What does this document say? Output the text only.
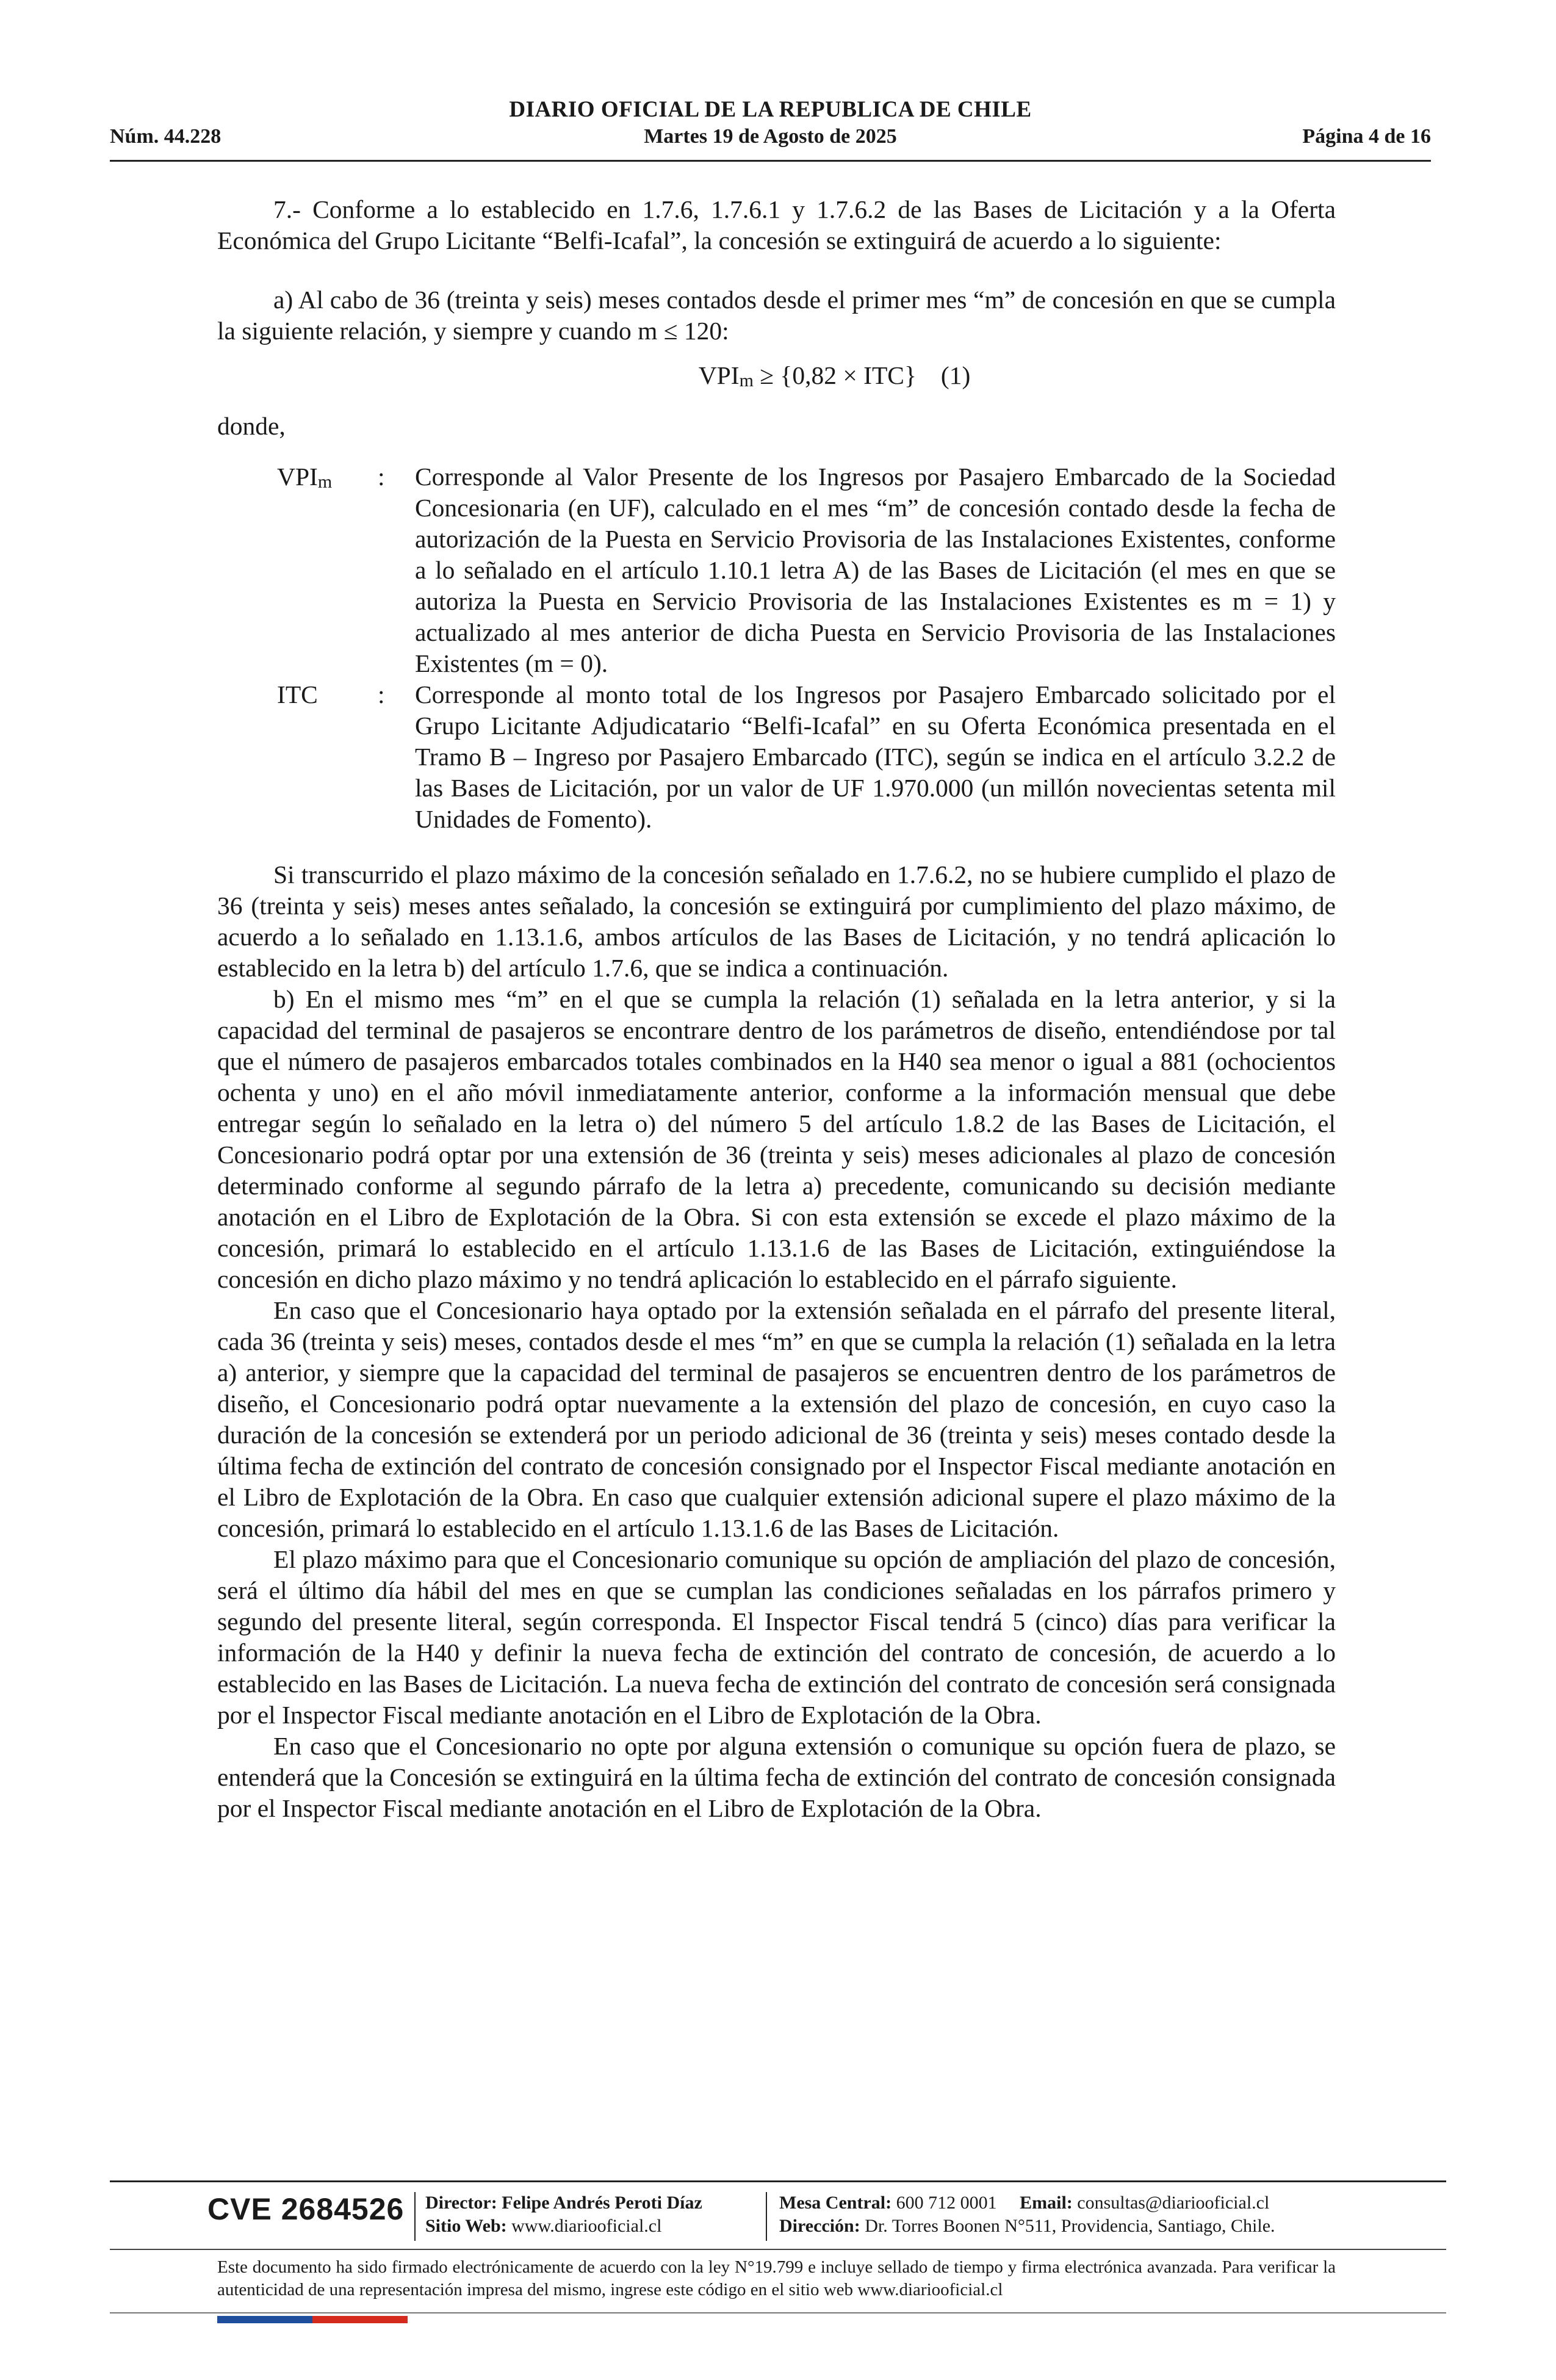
DIARIO OFICIAL DE LA REPUBLICA DE CHILE
Núm. 44.228	Martes 19 de Agosto de 2025	Página 4 de 16

7.- Conforme a lo establecido en 1.7.6, 1.7.6.1 y 1.7.6.2 de las Bases de Licitación y a la Oferta Económica del Grupo Licitante “Belfi-Icafal”, la concesión se extinguirá de acuerdo a lo siguiente:

a) Al cabo de 36 (treinta y seis) meses contados desde el primer mes “m” de concesión en que se cumpla la siguiente relación, y siempre y cuando m ≤ 120:

VPIm ≥ {0,82 × ITC} (1)

donde,

VPIm : Corresponde al Valor Presente de los Ingresos por Pasajero Embarcado de la Sociedad Concesionaria (en UF), calculado en el mes “m” de concesión contado desde la fecha de autorización de la Puesta en Servicio Provisoria de las Instalaciones Existentes, conforme a lo señalado en el artículo 1.10.1 letra A) de las Bases de Licitación (el mes en que se autoriza la Puesta en Servicio Provisoria de las Instalaciones Existentes es m = 1) y actualizado al mes anterior de dicha Puesta en Servicio Provisoria de las Instalaciones Existentes (m = 0).
ITC : Corresponde al monto total de los Ingresos por Pasajero Embarcado solicitado por el Grupo Licitante Adjudicatario “Belfi-Icafal” en su Oferta Económica presentada en el Tramo B – Ingreso por Pasajero Embarcado (ITC), según se indica en el artículo 3.2.2 de las Bases de Licitación, por un valor de UF 1.970.000 (un millón novecientas setenta mil Unidades de Fomento).

Si transcurrido el plazo máximo de la concesión señalado en 1.7.6.2, no se hubiere cumplido el plazo de 36 (treinta y seis) meses antes señalado, la concesión se extinguirá por cumplimiento del plazo máximo, de acuerdo a lo señalado en 1.13.1.6, ambos artículos de las Bases de Licitación, y no tendrá aplicación lo establecido en la letra b) del artículo 1.7.6, que se indica a continuación.

b) En el mismo mes “m” en el que se cumpla la relación (1) señalada en la letra anterior, y si la capacidad del terminal de pasajeros se encontrare dentro de los parámetros de diseño, entendiéndose por tal que el número de pasajeros embarcados totales combinados en la H40 sea menor o igual a 881 (ochocientos ochenta y uno) en el año móvil inmediatamente anterior, conforme a la información mensual que debe entregar según lo señalado en la letra o) del número 5 del artículo 1.8.2 de las Bases de Licitación, el Concesionario podrá optar por una extensión de 36 (treinta y seis) meses adicionales al plazo de concesión determinado conforme al segundo párrafo de la letra a) precedente, comunicando su decisión mediante anotación en el Libro de Explotación de la Obra. Si con esta extensión se excede el plazo máximo de la concesión, primará lo establecido en el artículo 1.13.1.6 de las Bases de Licitación, extinguiéndose la concesión en dicho plazo máximo y no tendrá aplicación lo establecido en el párrafo siguiente.

En caso que el Concesionario haya optado por la extensión señalada en el párrafo del presente literal, cada 36 (treinta y seis) meses, contados desde el mes “m” en que se cumpla la relación (1) señalada en la letra a) anterior, y siempre que la capacidad del terminal de pasajeros se encuentren dentro de los parámetros de diseño, el Concesionario podrá optar nuevamente a la extensión del plazo de concesión, en cuyo caso la duración de la concesión se extenderá por un periodo adicional de 36 (treinta y seis) meses contado desde la última fecha de extinción del contrato de concesión consignado por el Inspector Fiscal mediante anotación en el Libro de Explotación de la Obra. En caso que cualquier extensión adicional supere el plazo máximo de la concesión, primará lo establecido en el artículo 1.13.1.6 de las Bases de Licitación.

El plazo máximo para que el Concesionario comunique su opción de ampliación del plazo de concesión, será el último día hábil del mes en que se cumplan las condiciones señaladas en los párrafos primero y segundo del presente literal, según corresponda. El Inspector Fiscal tendrá 5 (cinco) días para verificar la información de la H40 y definir la nueva fecha de extinción del contrato de concesión, de acuerdo a lo establecido en las Bases de Licitación. La nueva fecha de extinción del contrato de concesión será consignada por el Inspector Fiscal mediante anotación en el Libro de Explotación de la Obra.

En caso que el Concesionario no opte por alguna extensión o comunique su opción fuera de plazo, se entenderá que la Concesión se extinguirá en la última fecha de extinción del contrato de concesión consignada por el Inspector Fiscal mediante anotación en el Libro de Explotación de la Obra.

CVE 2684526 Director: Felipe Andrés Peroti Díaz
Sitio Web: www.diariooficial.cl
Mesa Central: 600 712 0001 Email: consultas@diariooficial.cl
Dirección: Dr. Torres Boonen N°511, Providencia, Santiago, Chile.
Este documento ha sido firmado electrónicamente de acuerdo con la ley N°19.799 e incluye sellado de tiempo y firma electrónica avanzada. Para verificar la autenticidad de una representación impresa del mismo, ingrese este código en el sitio web www.diariooficial.cl
